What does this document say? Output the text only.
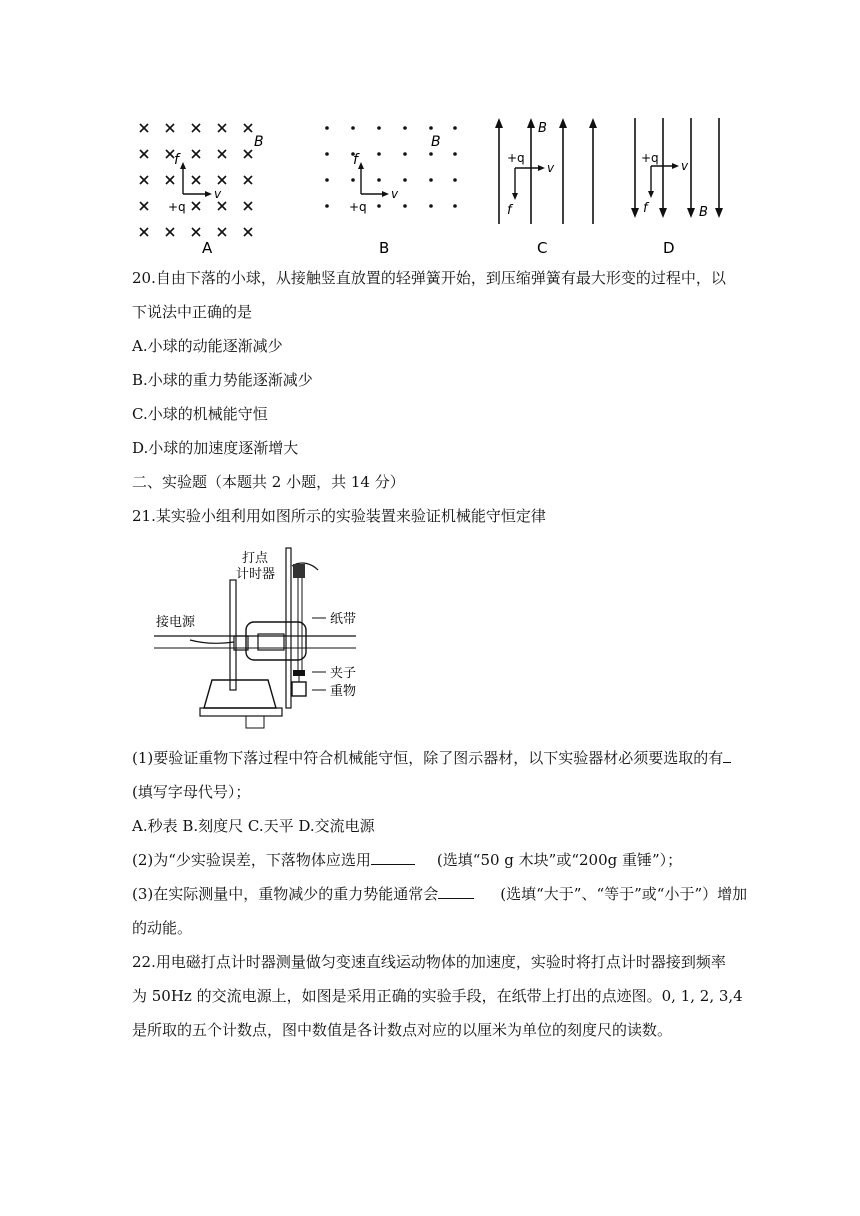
B
f
v
+q
A
B
f
v
+q
B
B
+q
v
f
C
B
+q
v
f
D
20.自由下落的小球，从接触竖直放置的轻弹簧开始，到压缩弹簧有最大形变的过程中，以
下说法中正确的是
A.小球的动能逐渐减少
B.小球的重力势能逐渐减少
C.小球的机械能守恒
D.小球的加速度逐渐增大
二、实验题（本题共 2 小题，共 14 分）
21.某实验小组利用如图所示的实验装置来验证机械能守恒定律
打点
计时器
接电源	纸带
夹子
重物
(1)要验证重物下落过程中符合机械能守恒，除了图示器材，以下实验器材必须要选取的有
(填写字母代号）；
A.秒表 B.刻度尺 C.天平 D.交流电源
(2)为“少实验误差，下落物体应选用	(选填“50 g 木块”或“200g 重锤”）；
(3)在实际测量中，重物减少的重力势能通常会	(选填“大于”、“等于”或“小于”）增加
的动能。
22.用电磁打点计时器测量做匀变速直线运动物体的加速度，实验时将打点计时器接到频率
为 50Hz 的交流电源上，如图是采用正确的实验手段，在纸带上打出的点迹图。0, 1, 2, 3,4
是所取的五个计数点，图中数值是各计数点对应的以厘米为单位的刻度尺的读数。
